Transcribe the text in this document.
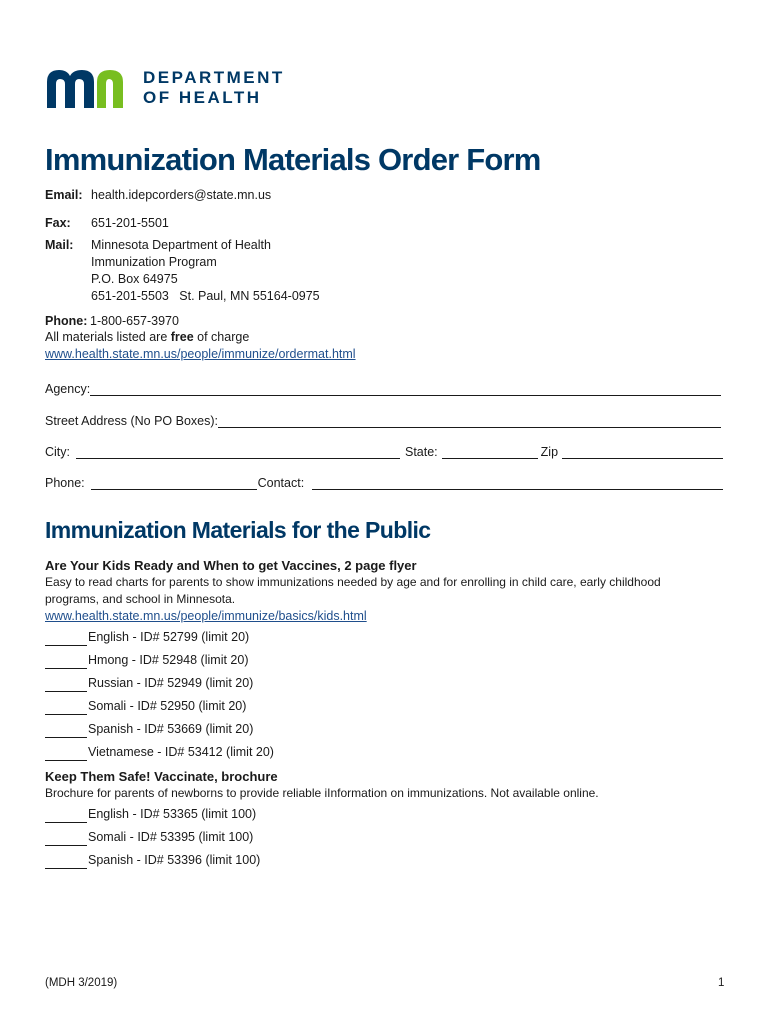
DEPARTMENT
OF HEALTH
Immunization Materials Order Form
Email: health.idepcorders@state.mn.us
Fax:	651-201-5501
Mail:	Minnesota Department of Health
Immunization Program
P.O. Box 64975
651-201-5503   St. Paul, MN 55164-0975
Phone: 1-800-657-3970
All materials listed are free of charge
www.health.state.mn.us/people/immunize/ordermat.html
Agency:
Street Address (No PO Boxes):
City:	State:	Zip
Phone:	Contact:
Immunization Materials for the Public
Are Your Kids Ready and When to get Vaccines, 2 page flyer
Easy to read charts for parents to show immunizations needed by age and for enrolling in child care, early childhood
programs, and school in Minnesota.
www.health.state.mn.us/people/immunize/basics/kids.html
English - ID# 52799 (limit 20)
Hmong - ID# 52948 (limit 20)
Russian - ID# 52949 (limit 20)
Somali - ID# 52950 (limit 20)
Spanish - ID# 53669 (limit 20)
Vietnamese - ID# 53412 (limit 20)
Keep Them Safe! Vaccinate, brochure
Brochure for parents of newborns to provide reliable iInformation on immunizations. Not available online.
English - ID# 53365 (limit 100)
Somali - ID# 53395 (limit 100)
Spanish - ID# 53396 (limit 100)
(MDH 3/2019)	1
